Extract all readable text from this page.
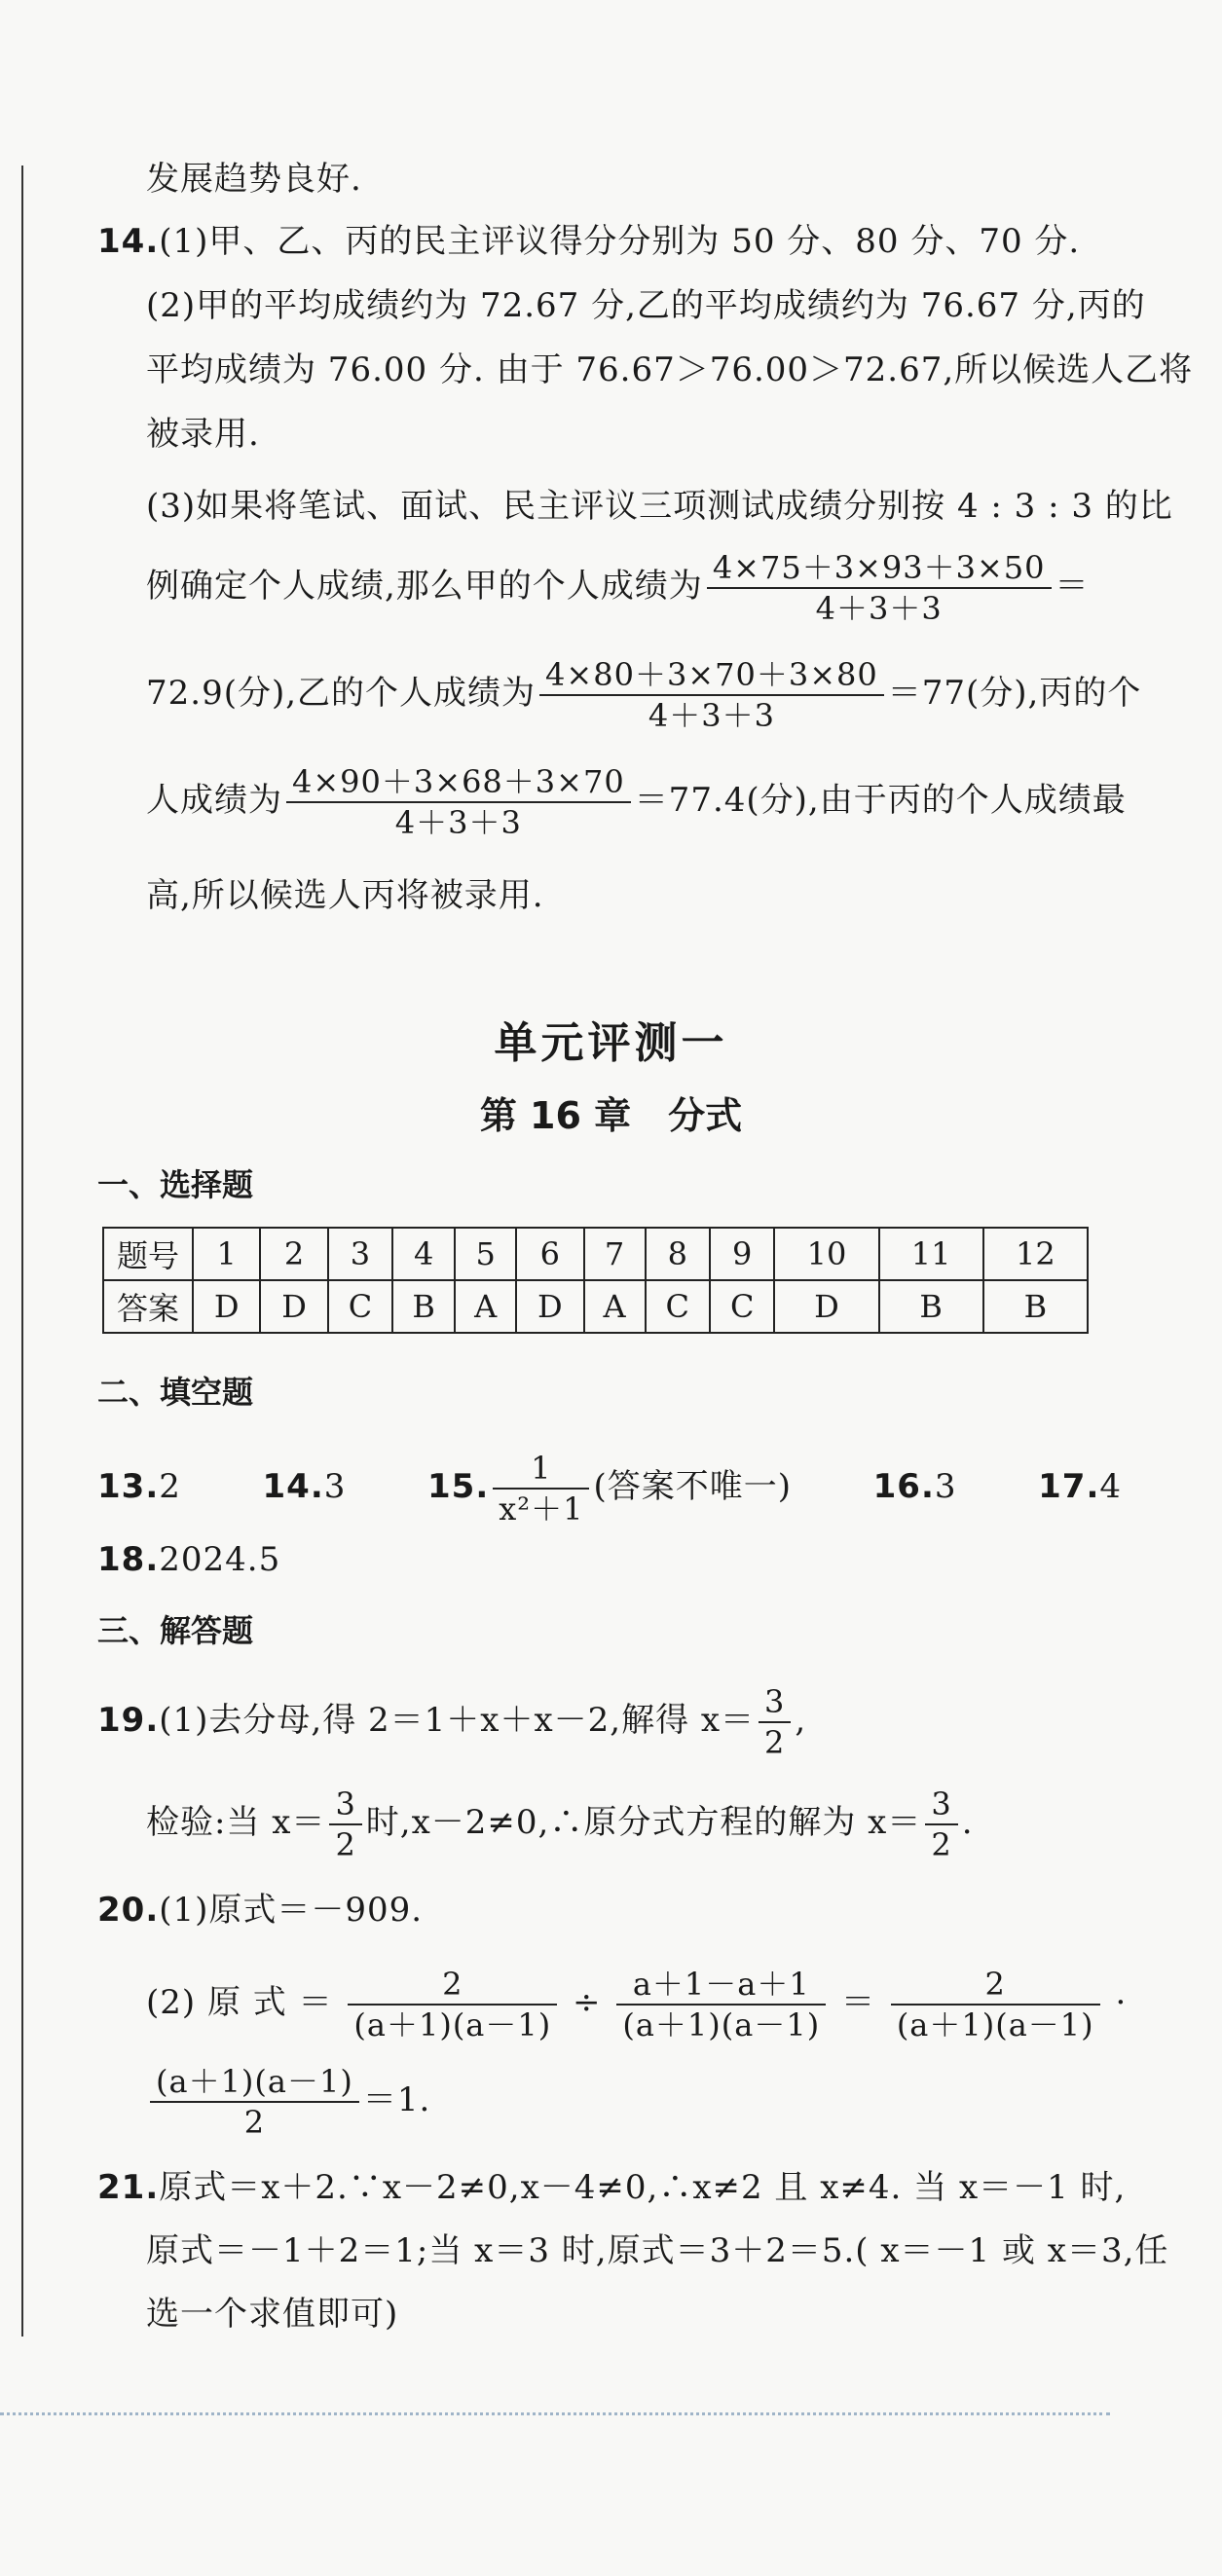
发展趋势良好.
14.(1)甲、乙、丙的民主评议得分分别为 50 分、80 分、70 分.
(2)甲的平均成绩约为 72.67 分,乙的平均成绩约为 76.67 分,丙的
平均成绩为 76.00 分. 由于 76.67＞76.00＞72.67,所以候选人乙将
被录用.
(3)如果将笔试、面试、民主评议三项测试成绩分别按 4 : 3 : 3 的比
例确定个人成绩,那么甲的个人成绩为 $\frac{4\times 75+3\times 93+3\times 50}{4+3+3}$ ＝
72.9(分),乙的个人成绩为 $\frac{4\times 80+3\times 70+3\times 80}{4+3+3} =77$(分),丙的个
人成绩为 $\frac{4\times 90+3\times 68+3\times 70}{4+3+3} =77.4$(分),由于丙的个人成绩最
高,所以候选人丙将被录用.
单元评测一
第 16 章　分式
一、选择题
题号	1	2	3	4	5	6	7	8	9	10	11	12
答案	D	D	C	B	A	D	A	C	C	D	B	B
二、填空题
13.2 14.3 15. $\frac{1}{\text{x²＋1}}$ (答案不唯一) 16.3 17.4
18.2024.5
三、解答题
19.(1)去分母,得 2＝1＋x＋x－2,解得 $x= \frac{3}{2}$ ,
检验:当 $x= \frac{3}{2}$ 时,x－2≠0,∴原分式方程的解为 $x= \frac{3}{2}$ .
20.(1)原式＝－909.
(2) 原 式 ＝ $\frac{2}{(a+1)(a-1)} \div \frac{a+1-a+1}{(a+1)(a-1)} = \frac{2}{(a+1)(a-1)}$ ·
$\frac{(a+1)(a-1)}{2} =1$.
21.原式＝x＋2.∵x－2≠0,x－4≠0,∴x≠2 且 x≠4. 当 x＝－1 时,
原式＝－1＋2＝1;当 x＝3 时,原式＝3＋2＝5.( x＝－1 或 x＝3,任
选一个求值即可)
